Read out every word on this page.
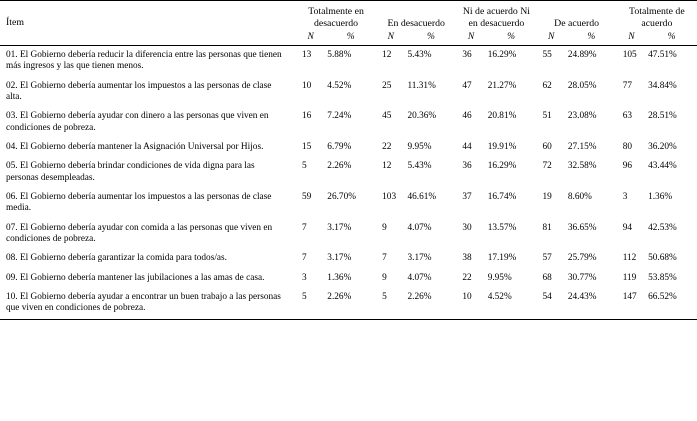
Ítem	Totalmente en desacuerdo		En desacuerdo		Ni de acuerdo Ni en desacuerdo		De acuerdo		Totalmente de acuerdo	
	N	%	N	%	N	%	N	%	N	%
01. El Gobierno debería reducir la diferencia entre las personas que tienen más ingresos y las que tienen menos.	13	5.88%	12	5.43%	36	16.29%	55	24.89%	105	47.51%
02. El Gobierno debería aumentar los impuestos a las personas de clase alta.	10	4.52%	25	11.31%	47	21.27%	62	28.05%	77	34.84%
03. El Gobierno debería ayudar con dinero a las personas que viven en condiciones de pobreza.	16	7.24%	45	20.36%	46	20.81%	51	23.08%	63	28.51%
04. El Gobierno debería mantener la Asignación Universal por Hijos.	15	6.79%	22	9.95%	44	19.91%	60	27.15%	80	36.20%
05. El Gobierno debería brindar condiciones de vida digna para las personas desempleadas.	5	2.26%	12	5.43%	36	16.29%	72	32.58%	96	43.44%
06. El Gobierno debería aumentar los impuestos a las personas de clase media.	59	26.70%	103	46.61%	37	16.74%	19	8.60%	3	1.36%
07. El Gobierno debería ayudar con comida a las personas que viven en condiciones de pobreza.	7	3.17%	9	4.07%	30	13.57%	81	36.65%	94	42.53%
08. El Gobierno debería garantizar la comida para todos/as.	7	3.17%	7	3.17%	38	17.19%	57	25.79%	112	50.68%
09. El Gobierno debería mantener las jubilaciones a las amas de casa.	3	1.36%	9	4.07%	22	9.95%	68	30.77%	119	53.85%
10. El Gobierno debería ayudar a encontrar un buen trabajo a las personas que viven en condiciones de pobreza.	5	2.26%	5	2.26%	10	4.52%	54	24.43%	147	66.52%
